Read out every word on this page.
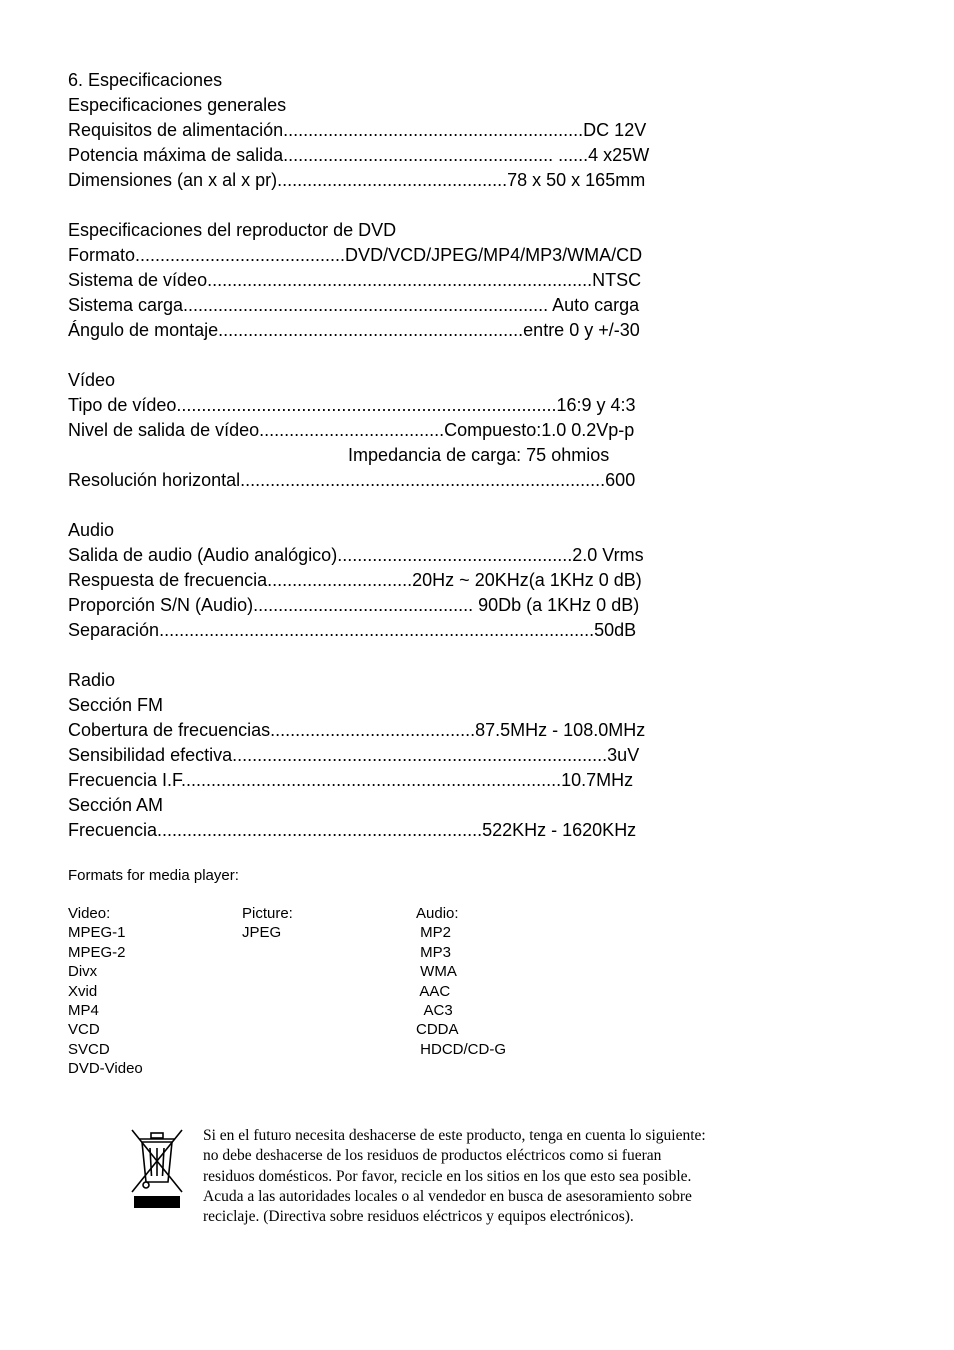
6. Especificaciones
Especificaciones generales
Requisitos de alimentación............................................................DC 12V
Potencia máxima de salida...................................................... ......4 x25W
Dimensiones (an x al x pr)..............................................78 x 50 x 165mm
Especificaciones del reproductor de DVD
Formato..........................................DVD/VCD/JPEG/MP4/MP3/WMA/CD
Sistema de vídeo.............................................................................NTSC
Sistema carga......................................................................... Auto carga
Ángulo de montaje.............................................................entre 0 y +/-30
Vídeo
Tipo de vídeo............................................................................16:9 y 4:3
Nivel de salida de vídeo.....................................Compuesto:1.0 0.2Vp-p
Impedancia de carga: 75 ohmios
Resolución horizontal.........................................................................600
Audio
Salida de audio (Audio analógico)...............................................2.0 Vrms
Respuesta de frecuencia.............................20Hz ~ 20KHz(a 1KHz 0 dB)
Proporción S/N (Audio)............................................ 90Db (a 1KHz 0 dB)
Separación.......................................................................................50dB
Radio
Sección FM
Cobertura de frecuencias.........................................87.5MHz - 108.0MHz
Sensibilidad efectiva...........................................................................3uV
Frecuencia I.F............................................................................10.7MHz
Sección AM
Frecuencia.................................................................522KHz - 1620KHz
Formats for media player:
Video:
MPEG-1
MPEG-2
Divx
Xvid
MP4
VCD
SVCD
DVD-Video
Picture:
JPEG
Audio:
MP2
MP3
WMA
AAC
AC3
CDDA
HDCD/CD-G
Si en el futuro necesita deshacerse de este producto, tenga en cuenta lo siguiente:
no debe deshacerse de los residuos de productos eléctricos como si fueran
residuos domésticos. Por favor, recicle en los sitios en los que esto sea posible.
Acuda a las autoridades locales o al vendedor en busca de asesoramiento sobre
reciclaje. (Directiva sobre residuos eléctricos y equipos electrónicos).
